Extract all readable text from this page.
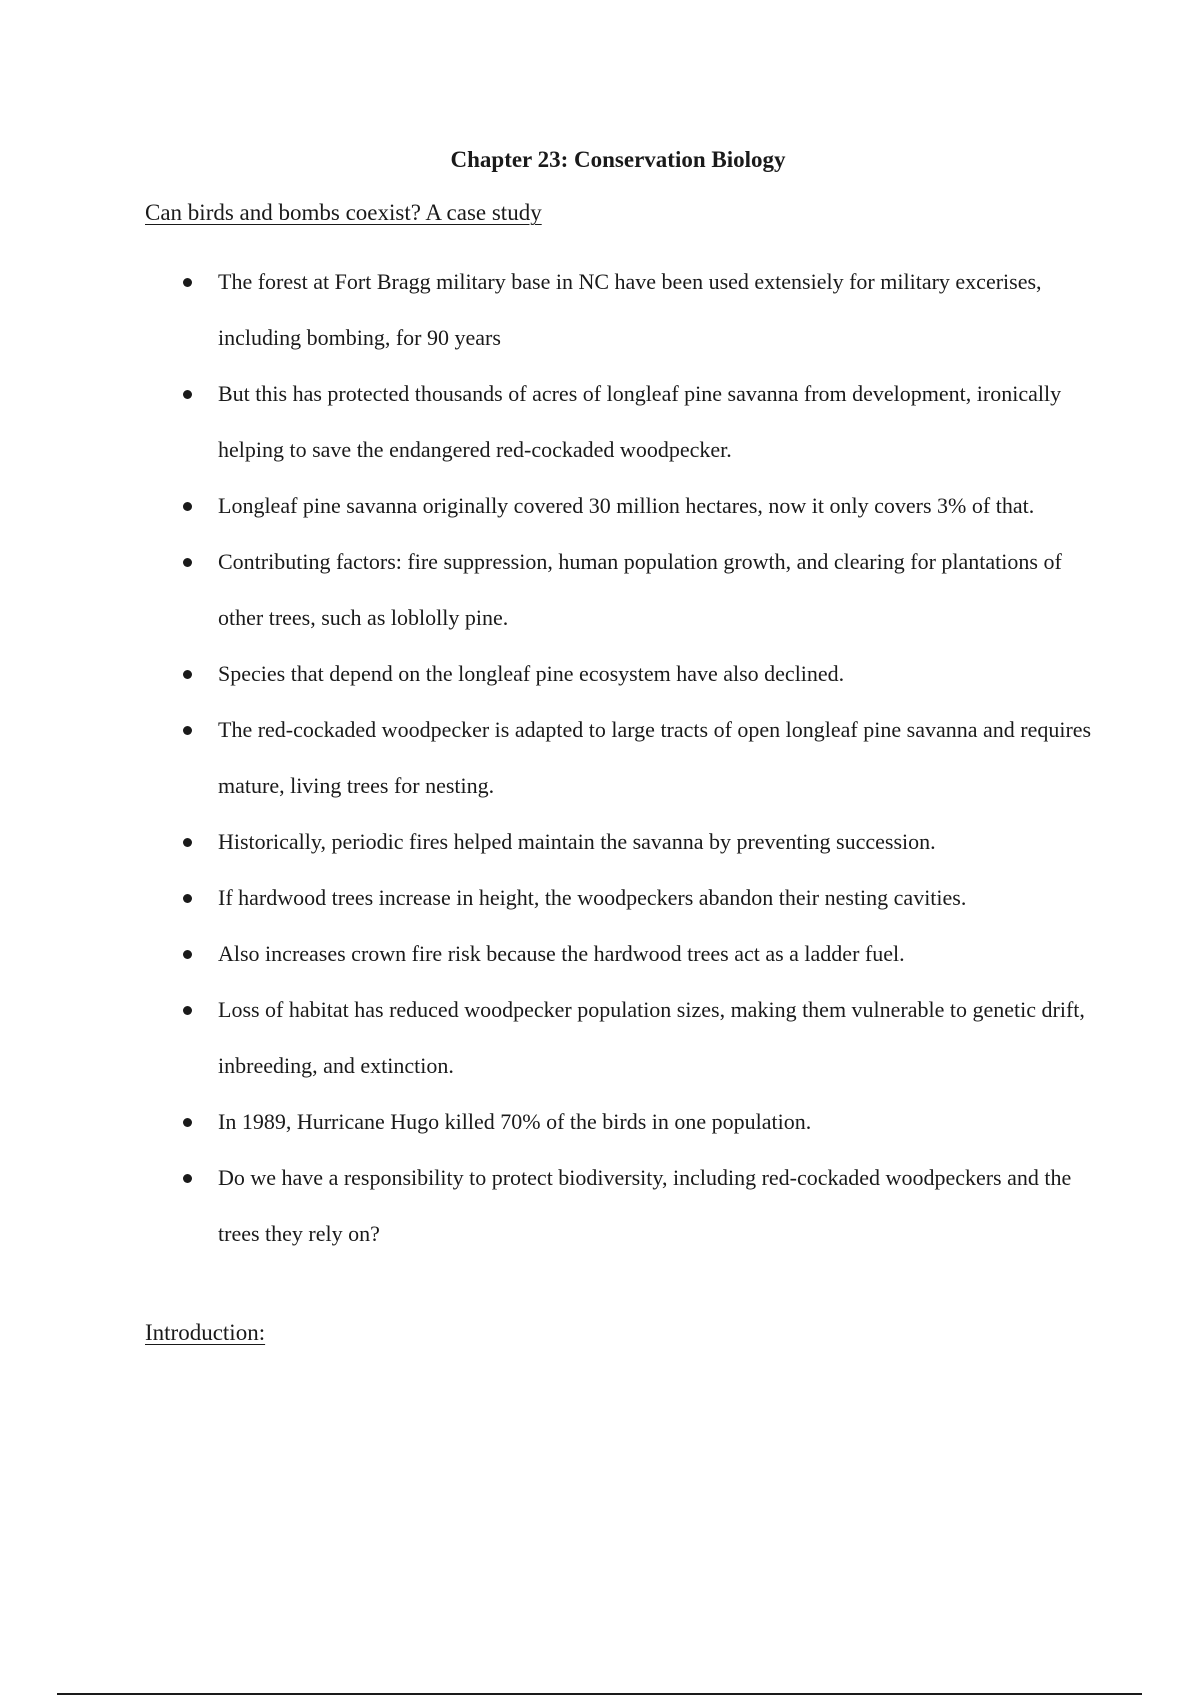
Chapter 23: Conservation Biology

Can birds and bombs coexist? A case study

The forest at Fort Bragg military base in NC have been used extensiely for military excerises, including bombing, for 90 years
But this has protected thousands of acres of longleaf pine savanna from development, ironically helping to save the endangered red-cockaded woodpecker.
Longleaf pine savanna originally covered 30 million hectares, now it only covers 3% of that.
Contributing factors: fire suppression, human population growth, and clearing for plantations of other trees, such as loblolly pine.
Species that depend on the longleaf pine ecosystem have also declined.
The red-cockaded woodpecker is adapted to large tracts of open longleaf pine savanna and requires mature, living trees for nesting.
Historically, periodic fires helped maintain the savanna by preventing succession.
If hardwood trees increase in height, the woodpeckers abandon their nesting cavities.
Also increases crown fire risk because the hardwood trees act as a ladder fuel.
Loss of habitat has reduced woodpecker population sizes, making them vulnerable to genetic drift, inbreeding, and extinction.
In 1989, Hurricane Hugo killed 70% of the birds in one population.
Do we have a responsibility to protect biodiversity, including red-cockaded woodpeckers and the trees they rely on?

Introduction:
